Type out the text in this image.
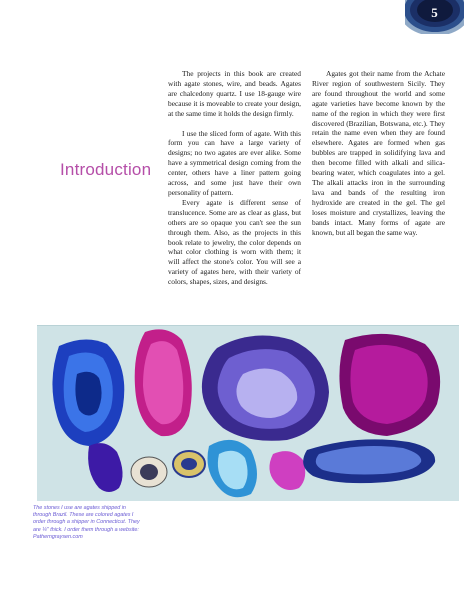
5
Introduction

The projects in this book are created with agate stones, wire, and beads. Agates are chalcedony quartz. I use 18-gauge wire because it is moveable to create your design, at the same time it holds the design firmly.

I use the sliced form of agate. With this form you can have a large variety of designs; no two agates are ever alike. Some have a symmetrical design coming from the center, others have a liner pattern going across, and some just have their own personality of pattern.

Every agate is different sense of translucence. Some are as clear as glass, but others are so opaque you can't see the sun through them. Also, as the projects in this book relate to jewelry, the color depends on what color clothing is worn with them; it will affect the stone's color. You will see a variety of agates here, with their variety of colors, shapes, sizes, and designs.

Agates got their name from the Achate River region of southwestern Sicily. They are found throughout the world and some agate varieties have become known by the name of the region in which they were first discovered (Brazilian, Botswana, etc.). They retain the name even when they are found elsewhere. Agates are formed when gas bubbles are trapped in solidifying lava and then become filled with alkali and silica-bearing water, which coagulates into a gel. The alkali attacks iron in the surrounding lava and bands of the resulting iron hydroxide are created in the gel. The gel loses moisture and crystallizes, leaving the bands intact. Many forms of agate are known, but all began the same way.

The stones I use are agates shipped in through Brazil. These are colored agates I order through a shipper in Connecticut. They are ¼" thick. I order them through a website: Patherngraysen.com
